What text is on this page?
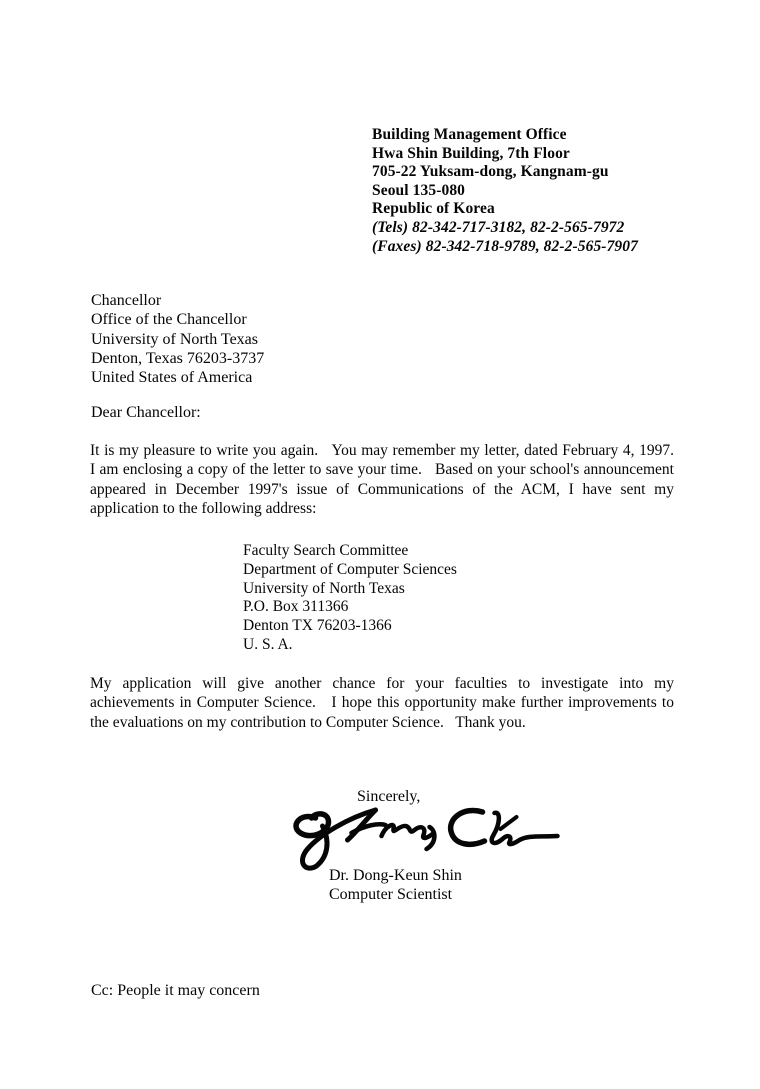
Building Management Office
Hwa Shin Building, 7th Floor
705-22 Yuksam-dong, Kangnam-gu
Seoul 135-080
Republic of Korea
(Tels) 82-342-717-3182, 82-2-565-7972
(Faxes) 82-342-718-9789, 82-2-565-7907
Chancellor
Office of the Chancellor
University of North Texas
Denton, Texas 76203-3737
United States of America
Dear Chancellor:

It is my pleasure to write you again.   You may remember my letter, dated February 4, 1997.   I am enclosing a copy of the letter to save your time.   Based on your school's announcement appeared in December 1997's issue of Communications of the ACM, I have sent my application to the following address:

Faculty Search Committee
Department of Computer Sciences
University of North Texas
P.O. Box 311366
Denton TX 76203-1366
U. S. A.

My application will give another chance for your faculties to investigate into my achievements in Computer Science.   I hope this opportunity make further improvements to the evaluations on my contribution to Computer Science.   Thank you.

Sincerely,
Dr. Dong-Keun Shin
Computer Scientist
Cc: People it may concern
